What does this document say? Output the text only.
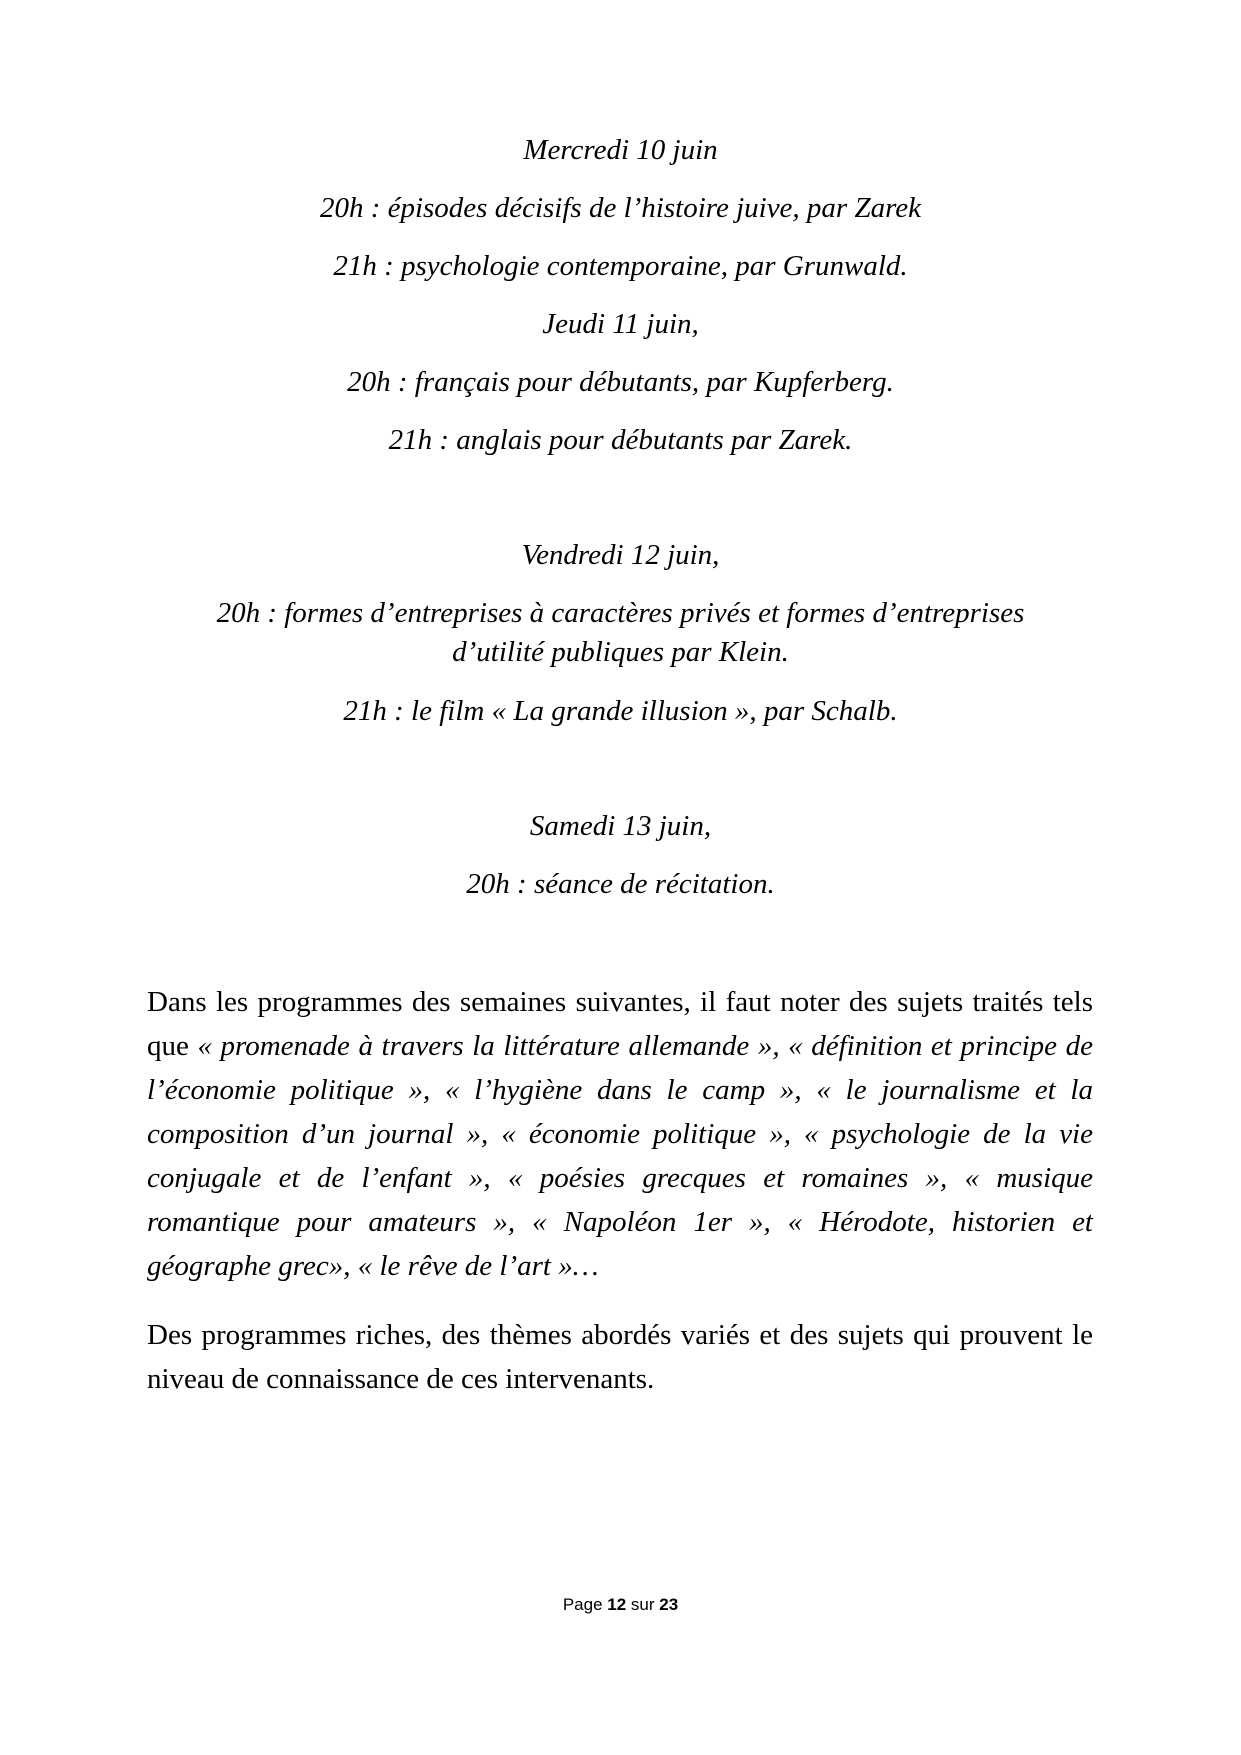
Mercredi 10 juin
20h : épisodes décisifs de l’histoire juive, par Zarek
21h : psychologie contemporaine, par Grunwald.
Jeudi 11 juin,
20h : français pour débutants, par Kupferberg.
21h : anglais pour débutants par Zarek.
Vendredi 12 juin,
20h : formes d’entreprises à caractères privés et formes d’entreprises
d’utilité publiques par Klein.
21h : le film « La grande illusion », par Schalb.
Samedi 13 juin,
20h : séance de récitation.
Dans les programmes des semaines suivantes, il faut noter des sujets traités tels que « promenade à travers la littérature allemande », « définition et principe de l’économie politique », « l’hygiène dans le camp », « le journalisme et la composition d’un journal », « économie politique », « psychologie de la vie conjugale et de l’enfant », « poésies grecques et romaines », « musique romantique pour amateurs », « Napoléon 1er », « Hérodote, historien et géographe grec», « le rêve de l’art »…
Des programmes riches, des thèmes abordés variés et des sujets qui prouvent le niveau de connaissance de ces intervenants.
Page 12 sur 23
